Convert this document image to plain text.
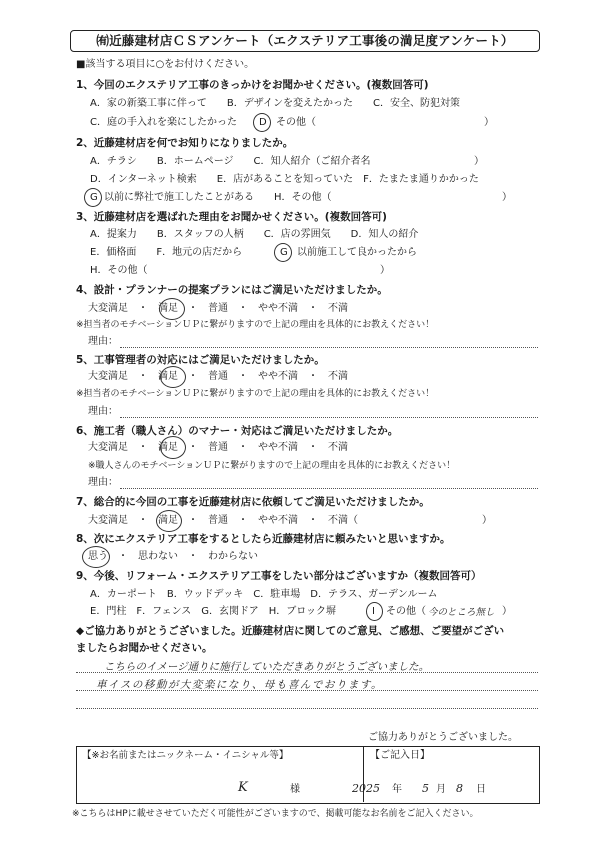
㈲近藤建材店ＣＳアンケート（エクステリア工事後の満足度アンケート）
■該当する項目に○をお付けください。
1、今回のエクステリア工事のきっかけをお聞かせください。(複数回答可)
A．家の新築工事に伴って　　B．デザインを変えたかった　　C．安全、防犯対策
C．庭の手入れを楽にしたかった D その他（	）
2、近藤建材店を何でお知りになりましたか。
A．チラシ　　B．ホームページ　　C．知人紹介（ご紹介者名	）
D．インターネット検索　　E．店があることを知っていた　F．たまたま通りかかった
G 以前に弊社で施工したことがある　　H．その他（	）
3、近藤建材店を選ばれた理由をお聞かせください。(複数回答可)
A．提案力　　B．スタッフの人柄　　C．店の雰囲気　　D．知人の紹介
E．価格面　　F．地元の店だから	G 以前施工して良かったから
H．その他（	）
4、設計・プランナーの提案プランにはご満足いただけましたか。
大変満足　・　満足　・　普通　・　やや不満　・　不満
※担当者のモチベーションＵＰに繋がりますので上記の理由を具体的にお教えください！
理由：
5、工事管理者の対応にはご満足いただけましたか。
大変満足　・　満足　・　普通　・　やや不満　・　不満
※担当者のモチベーションＵＰに繋がりますので上記の理由を具体的にお教えください！
理由：
6、施工者（職人さん）のマナー・対応はご満足いただけましたか。
大変満足　・　満足　・　普通　・　やや不満　・　不満
※職人さんのモチベーションＵＰに繋がりますので上記の理由を具体的にお教えください！
理由：
7、総合的に今回の工事を近藤建材店に依頼してご満足いただけましたか。
大変満足　・　満足　・　普通　・　やや不満　・　不満（	）
8、次にエクステリア工事をするとしたら近藤建材店に頼みたいと思いますか。
思う　・　思わない　・　わからない
9、今後、リフォーム・エクステリア工事をしたい部分はございますか（複数回答可）
A．カーポート　B．ウッドデッキ　C．駐車場　D．テラス、ガーデンルーム
E．門柱　F．フェンス　G．玄関ドア　H．ブロック塀	I その他（ 今のところ無し ）
◆ご協力ありがとうございました。近藤建材店に関してのご意見、ご感想、ご要望がござい
ましたらお聞かせください。
こちらのイメージ通りに施行していただきありがとうございました。
車イスの移動が大変楽になり、母も喜んでおります。
ご協力ありがとうございました。
【※お名前またはニックネーム・イニシャル等】
K	様
【ご記入日】
2025 年 5 月 8 日
※こちらはHPに載せさせていただく可能性がございますので、掲載可能なお名前をご記入ください。
